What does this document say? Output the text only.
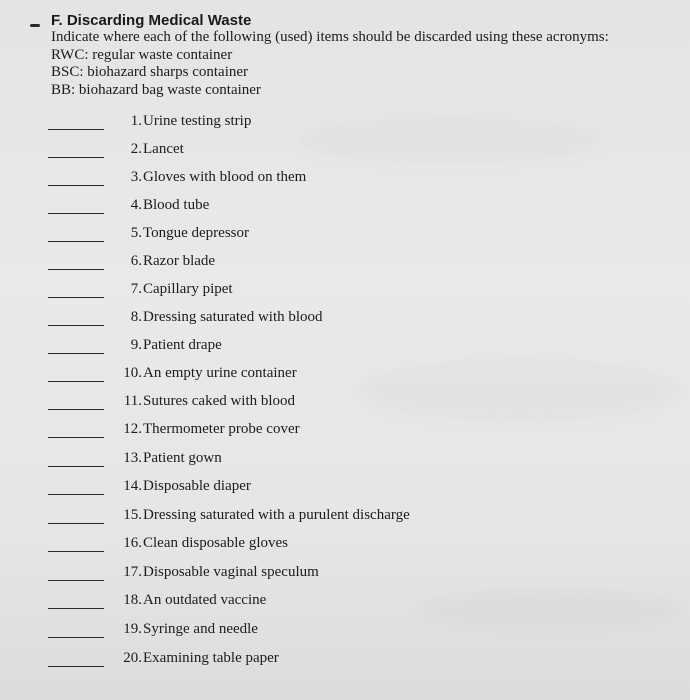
F. Discarding Medical Waste
Indicate where each of the following (used) items should be discarded using these acronyms:
RWC: regular waste container
BSC: biohazard sharps container
BB: biohazard bag waste container
1. Urine testing strip
2. Lancet
3. Gloves with blood on them
4. Blood tube
5. Tongue depressor
6. Razor blade
7. Capillary pipet
8. Dressing saturated with blood
9. Patient drape
10. An empty urine container
11. Sutures caked with blood
12. Thermometer probe cover
13. Patient gown
14. Disposable diaper
15. Dressing saturated with a purulent discharge
16. Clean disposable gloves
17. Disposable vaginal speculum
18. An outdated vaccine
19. Syringe and needle
20. Examining table paper
